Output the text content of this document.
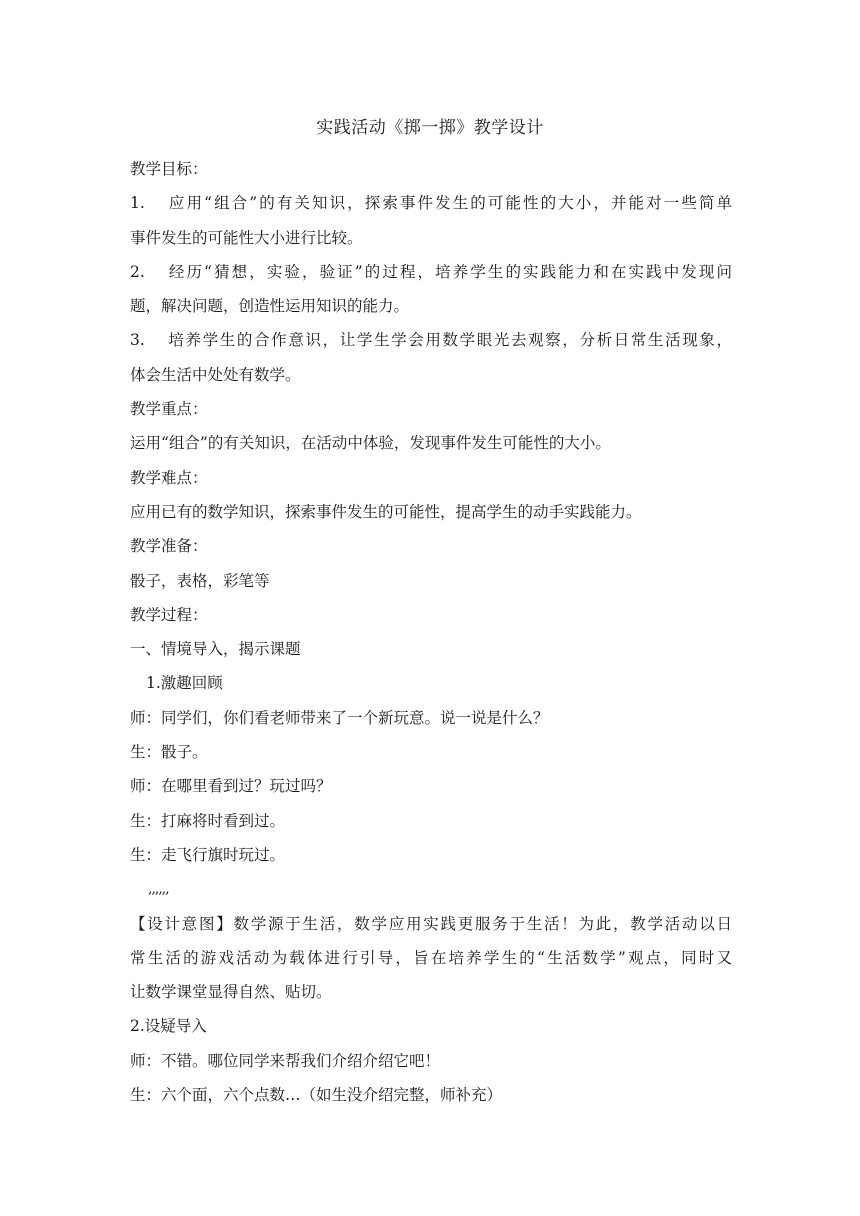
实践活动《掷一掷》教学设计
教学目标：
1. 应用“组合”的有关知识，探索事件发生的可能性的大小，并能对一些简单
事件发生的可能性大小进行比较。
2. 经历“猜想，实验，验证”的过程，培养学生的实践能力和在实践中发现问
题，解决问题，创造性运用知识的能力。
3. 培养学生的合作意识，让学生学会用数学眼光去观察，分析日常生活现象，
体会生活中处处有数学。
教学重点：
运用“组合”的有关知识，在活动中体验，发现事件发生可能性的大小。
教学难点：
应用已有的数学知识，探索事件发生的可能性，提高学生的动手实践能力。
教学准备：
骰子，表格，彩笔等
教学过程：
一、情境导入，揭示课题
1.激趣回顾
师：同学们，你们看老师带来了一个新玩意。说一说是什么？
生：骰子。
师：在哪里看到过？玩过吗？
生：打麻将时看到过。
生：走飞行旗时玩过。
,,,,,,
【设计意图】数学源于生活，数学应用实践更服务于生活！为此，教学活动以日
常生活的游戏活动为载体进行引导，旨在培养学生的“生活数学”观点，同时又
让数学课堂显得自然、贴切。
2.设疑导入
师：不错。哪位同学来帮我们介绍介绍它吧！
生：六个面，六个点数…（如生没介绍完整，师补充）
